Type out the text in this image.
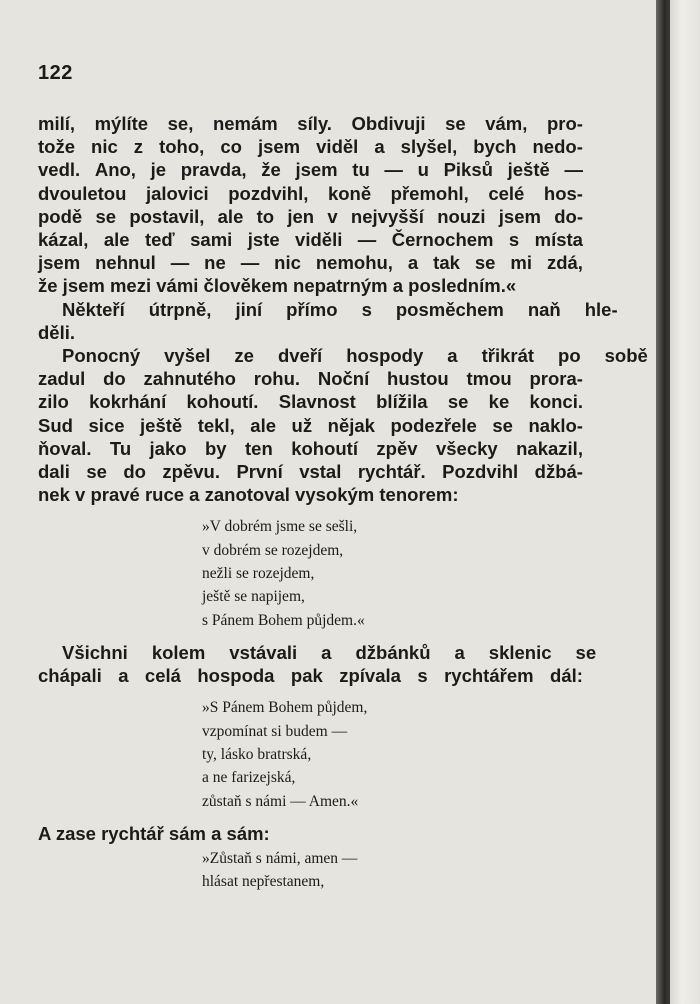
122
milí, mýlíte se, nemám síly. Obdivuji se vám, pro-
tože nic z toho, co jsem viděl a slyšel, bych nedo-
vedl. Ano, je pravda, že jsem tu — u Piksů ještě —
dvouletou jalovici pozdvihl, koně přemohl, celé hos-
podě se postavil, ale to jen v nejvyšší nouzi jsem do-
kázal, ale teď sami jste viděli — Černochem s místa
jsem nehnul — ne — nic nemohu, a tak se mi zdá,
že jsem mezi vámi člověkem nepatrným a posledním.«
Někteří	útrpně,	jiní	přímo	s	posměchem	naň	hle-
děli.
Ponocný	vyšel	ze	dveří	hospody	a	třikrát	po	sobě
zadul do zahnutého rohu. Noční hustou tmou prora-
zilo kokrhání kohoutí. Slavnost blížila se ke konci.
Sud sice ještě tekl, ale už nějak podezřele se naklo-
ňoval. Tu jako by ten kohoutí zpěv všecky nakazil,
dali se do zpěvu. První vstal rychtář. Pozdvihl džbá-
nek v pravé ruce a zanotoval vysokým tenorem:
»V dobrém jsme se sešli,
v dobrém se rozejdem,
nežli se rozejdem,
ještě se napijem,
s Pánem Bohem půjdem.«
Všichni	kolem	vstávali	a	džbánků	a	sklenic	se
chápali a celá hospoda pak zpívala s rychtářem dál:
»S Pánem Bohem půjdem,
vzpomínat si budem —
ty, lásko bratrská,
a ne farizejská,
zůstaň s námi — Amen.«
A zase rychtář sám a sám:
»Zůstaň s námi, amen —
hlásat nepřestanem,
